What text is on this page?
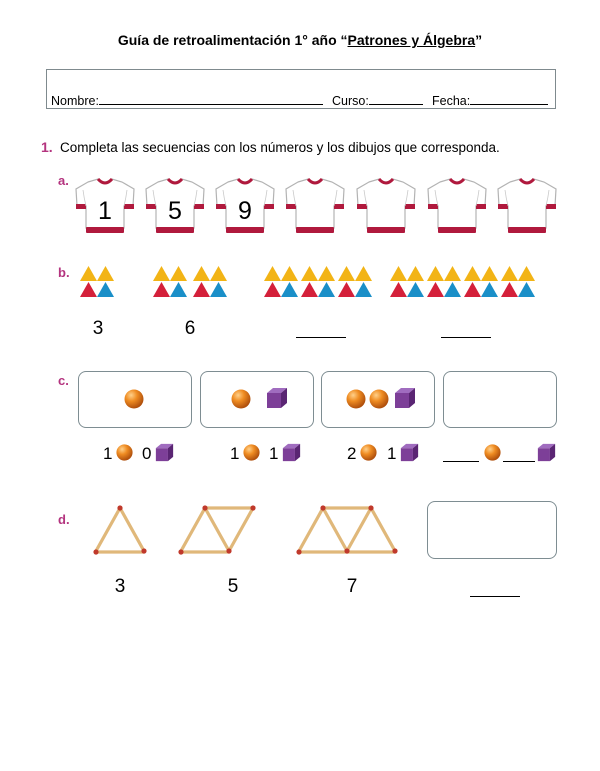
Guía de retroalimentación 1° año “Patrones y Álgebra”
Nombre:	Curso:	Fecha:
1. Completa las secuencias con los números y los dibujos que corresponda.
a.
1	5	9
b.
3	6
c.
1 0	1 1	2 1
d.
3	5	7
